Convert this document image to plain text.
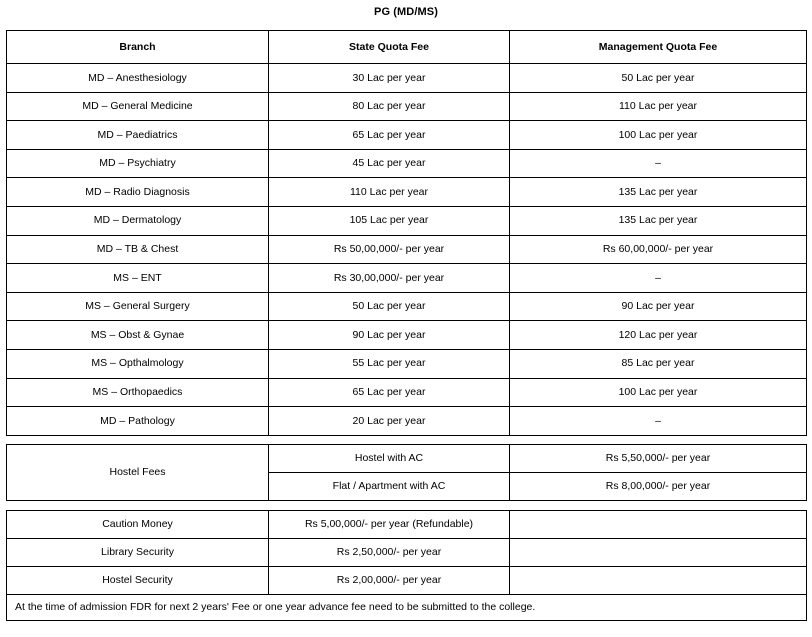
PG (MD/MS)
Branch	State Quota Fee	Management Quota Fee
MD – Anesthesiology	30 Lac per year	50 Lac per year
MD – General Medicine	80 Lac per year	110 Lac per year
MD – Paediatrics	65 Lac per year	100 Lac per year
MD – Psychiatry	45 Lac per year	–
MD – Radio Diagnosis	110 Lac per year	135 Lac per year
MD – Dermatology	105 Lac per year	135 Lac per year
MD – TB & Chest	Rs 50,00,000/- per year	Rs 60,00,000/- per year
MS – ENT	Rs 30,00,000/- per year	–
MS – General Surgery	50 Lac per year	90 Lac per year
MS – Obst & Gynae	90 Lac per year	120 Lac per year
MS – Opthalmology	55 Lac per year	85 Lac per year
MS – Orthopaedics	65 Lac per year	100 Lac per year
MD – Pathology	20 Lac per year	–
Hostel Fees	Hostel with AC	Rs 5,50,000/- per year
	Flat / Apartment with AC	Rs 8,00,000/- per year
Caution Money	Rs 5,00,000/- per year (Refundable)	
Library Security	Rs 2,50,000/- per year	
Hostel Security	Rs 2,00,000/- per year	
At the time of admission FDR for next 2 years' Fee or one year advance fee need to be submitted to the college.		
